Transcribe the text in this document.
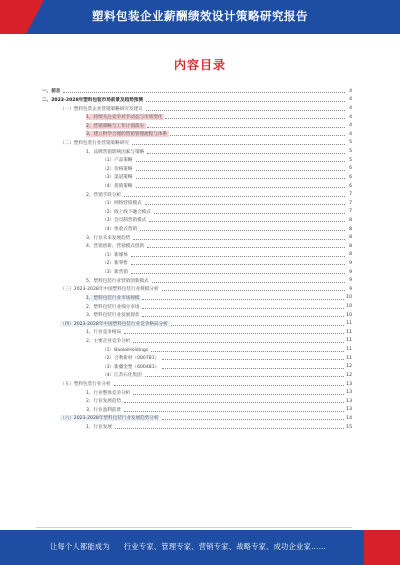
塑料包装企业薪酬绩效设计策略研究报告
内容目录
一、前言	4
二、2023-2028年塑料包装市场前景及趋势预测	4
（一）塑料包装企业营销策略研究及建议	4
1、持续关注竞争对手动态与市场变化	4
2、营销策略与工作计划落实	4
3、建立科学合理的营销管理流程与体系	4
（二）塑料包装行业营销策略研究	5
1、品牌营销影响因素与策略	5
（1）产品策略	5
（2）价格策略	6
（3）渠道策略	6
（4）促销策略	6
2、营销手段分析	7
（1）网络营销模式	7
（2）线上线下融合模式	7
（3）会员制营销模式	8
（4）体验式营销	8
3、行业未来发展趋势	8
4、营销创新、营销模式创新	8
（1）新媒体	8
（2）新零售	9
（3）新营销	9
5、塑料包装行业营销创新模式	9
（三）2023-2028年中国塑料包装行业规模分析	9
1、塑料包装行业市场规模	10
2、塑料包装行业细分市场	10
3、塑料包装行业发展现状	10
（四）2023-2028年中国塑料包装行业竞争格局分析	11
1、行业竞争格局	11
2、主要企业竞争分析	11
（1）BaolaiHoldings	11
（2）合利新材（000781）	11
（3）新疆金塑（600481）	12
（4）江苏石化集团	12
（五）塑料包装行业分析	13
1、行业整体竞争分析	13
2、行业发展趋势	13
3、行业盈利前景	13
（六）2023-2028年塑料包装行业发展趋势分析	14
1、行业发展	15
让每个人都能成为 行业专家、管理专家、营销专家、战略专家、成功企业家……
